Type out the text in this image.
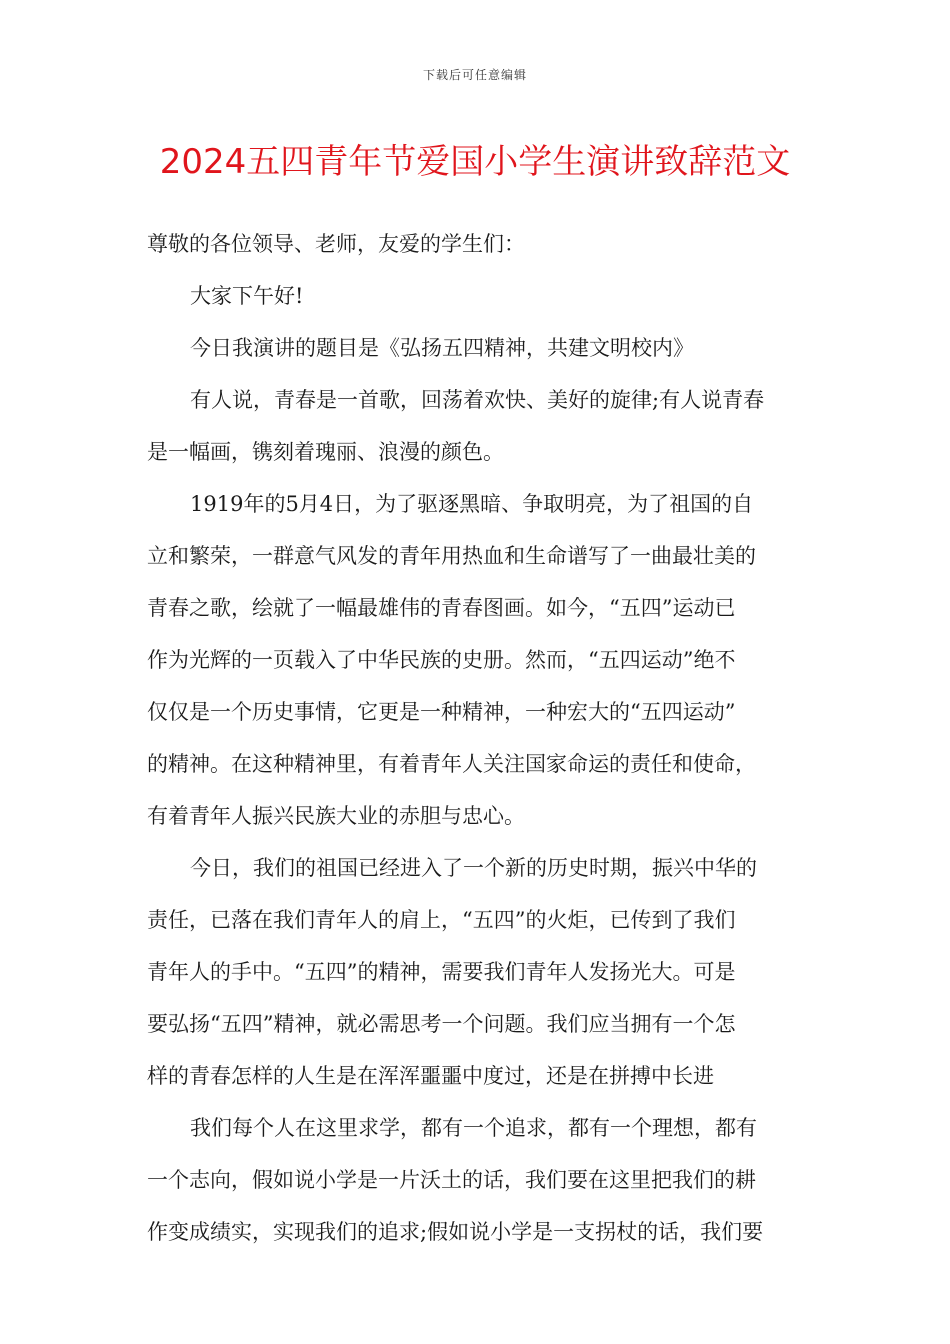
下载后可任意编辑
2024五四青年节爱国小学生演讲致辞范文
尊敬的各位领导、老师，友爱的学生们：
大家下午好!
今日我演讲的题目是《弘扬五四精神，共建文明校内》
有人说，青春是一首歌，回荡着欢快、美好的旋律;有人说青春
是一幅画，镌刻着瑰丽、浪漫的颜色。
1919年的5月4日，为了驱逐黑暗、争取明亮，为了祖国的自
立和繁荣，一群意气风发的青年用热血和生命谱写了一曲最壮美的
青春之歌，绘就了一幅最雄伟的青春图画。如今，“五四”运动已
作为光辉的一页载入了中华民族的史册。然而，“五四运动”绝不
仅仅是一个历史事情，它更是一种精神，一种宏大的“五四运动”
的精神。在这种精神里，有着青年人关注国家命运的责任和使命，
有着青年人振兴民族大业的赤胆与忠心。
今日，我们的祖国已经进入了一个新的历史时期，振兴中华的
责任，已落在我们青年人的肩上，“五四”的火炬，已传到了我们
青年人的手中。“五四”的精神，需要我们青年人发扬光大。可是
要弘扬“五四”精神，就必需思考一个问题。我们应当拥有一个怎
样的青春怎样的人生是在浑浑噩噩中度过，还是在拼搏中长进
我们每个人在这里求学，都有一个追求，都有一个理想，都有
一个志向，假如说小学是一片沃土的话，我们要在这里把我们的耕
作变成绩实，实现我们的追求;假如说小学是一支拐杖的话，我们要
